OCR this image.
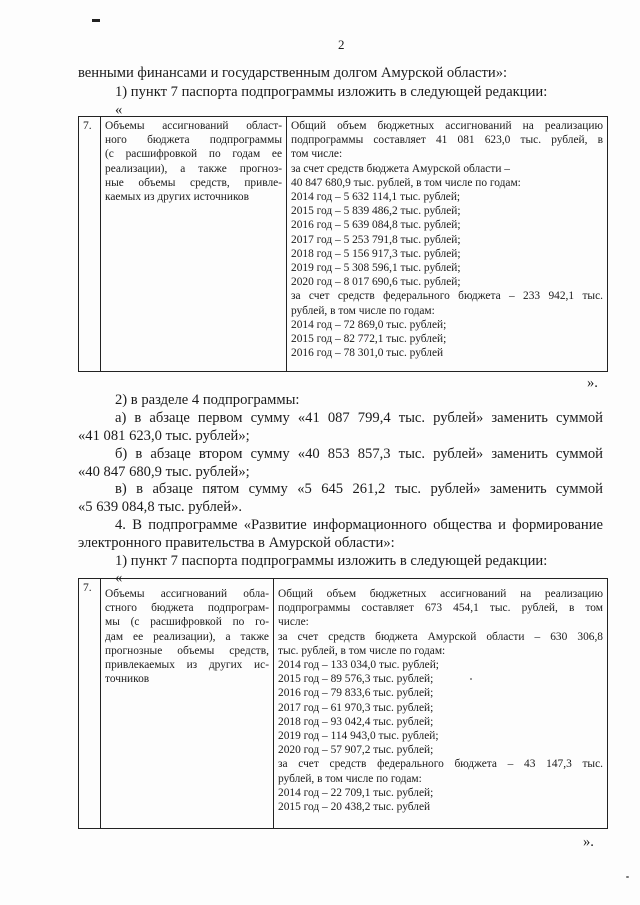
2
венными финансами и государственным долгом Амурской области»:
1) пункт 7 паспорта подпрограммы изложить в следующей редакции:
«
7.	Объемы ассигнований област-
ного бюджета подпрограммы
(с расшифровкой по годам ее
реализации), а также прогноз-
ные объемы средств, привле-
каемых из других источников

Общий объем бюджетных ассигнований на реализацию
подпрограммы составляет 41 081 623,0 тыс. рублей, в
том числе:
за счет средств бюджета Амурской области –
40 847 680,9 тыс. рублей, в том числе по годам:
2014 год – 5 632 114,1 тыс. рублей;
2015 год – 5 839 486,2 тыс. рублей;
2016 год – 5 639 084,8 тыс. рублей;
2017 год – 5 253 791,8 тыс. рублей;
2018 год – 5 156 917,3 тыс. рублей;
2019 год – 5 308 596,1 тыс. рублей;
2020 год – 8 017 690,6 тыс. рублей;
за счет средств федерального бюджета – 233 942,1 тыс.
рублей, в том числе по годам:
2014 год – 72 869,0 тыс. рублей;
2015 год – 82 772,1 тыс. рублей;
2016 год – 78 301,0 тыс. рублей
».
2) в разделе 4 подпрограммы:
а) в абзаце первом сумму «41 087 799,4 тыс. рублей» заменить суммой
«41 081 623,0 тыс. рублей»;
б) в абзаце втором сумму «40 853 857,3 тыс. рублей» заменить суммой
«40 847 680,9 тыс. рублей»;
в) в абзаце пятом сумму «5 645 261,2 тыс. рублей» заменить суммой
«5 639 084,8 тыс. рублей».
4. В подпрограмме «Развитие информационного общества и формирование
электронного правительства в Амурской области»:
1) пункт 7 паспорта подпрограммы изложить в следующей редакции:
«
7.	Объемы ассигнований обла-
стного бюджета подпрограм-
мы (с расшифровкой по го-
дам ее реализации), а также
прогнозные объемы средств,
привлекаемых из других ис-
точников

Общий объем бюджетных ассигнований на реализацию
подпрограммы составляет 673 454,1 тыс. рублей, в том
числе:
за счет средств бюджета Амурской области – 630 306,8
тыс. рублей, в том числе по годам:
2014 год – 133 034,0 тыс. рублей;
2015 год – 89 576,3 тыс. рублей;
2016 год – 79 833,6 тыс. рублей;
2017 год – 61 970,3 тыс. рублей;
2018 год – 93 042,4 тыс. рублей;
2019 год – 114 943,0 тыс. рублей;
2020 год – 57 907,2 тыс. рублей;
за счет средств федерального бюджета – 43 147,3 тыс.
рублей, в том числе по годам:
2014 год – 22 709,1 тыс. рублей;
2015 год – 20 438,2 тыс. рублей
».
